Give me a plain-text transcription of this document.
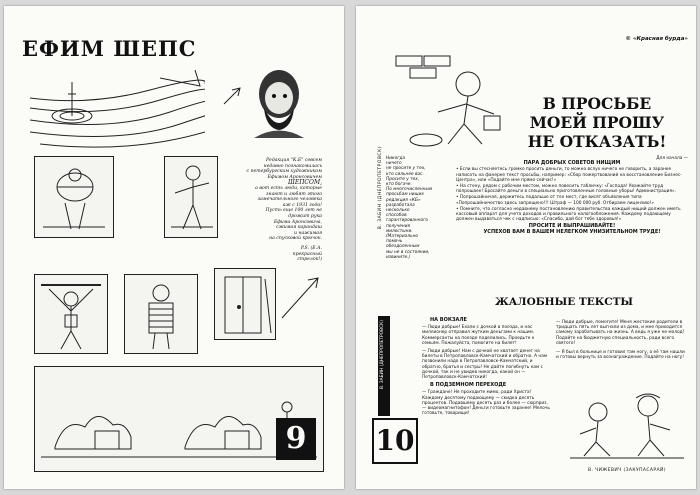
ЕФИМ ШЕПС
Редакция "К.Б" совсем
недавно познакомилась
с петербургским художником
Ефимом Аронсовичем
ШЕПСОМ,
а вот есть люди, которые
знают и любят этого
замечательного человека
аж с 1931 года!
Пусть еще 100 лет не
дрожит рука
Ефима Аронсовича,
сжимая карандаш
и нажимая
на спусковой крючок.
P.S. (Е.А.
прекрасный
стрелок!)
9
© «Красная бурда»
В ПРОСЬБЕ
МОЕЙ ПРОШУ
НЕ ОТКАЗАТЬ!
В. ЗАБИН (ДНЕПРОПЕТРОВСК) Никогда
ничего
не просите у тех,
кто сильнее вас.
Просите у тех,
кто богаче.
По многочисленным
просьбам нищих
редакция «КБ»
разработала
несколько
способов
гарантированного
получения
милостыни.
(Материально
помочь
обездоленным
мы не в состоянии,
извините.)
Для начала —
ПАРА ДОБРЫХ СОВЕТОВ НИЩИМ
• Если вы стесняетесь громко просить деньги, то можно вслух ничего не говорить, а заранее написать на фанерке текст просьбы, например: «Сбор пожертвований на восстановление Бизнес-Центра», или «Подайте мне прямо сейчас!»
• На стену, рядом с рабочим местом, можно повесить табличку: «Господа! Уважайте труд попрошаек! Бросайте деньги в специально приготовленные головные уборы! Администрация».
• Попрошайничая, держитесь подальше от тех мест, где висят объявления типа «Попрошайничество здесь запрещено!!! Штраф — 100 000 руб. Отбираем лицензию!»
• Помните, что согласно недавнему постановлению правительства каждый нищий должен иметь кассовый аппарат для учета доходов и правильного налогообложения. Каждому подающему должен выдаваться чек с надписью: «Спасибо, дай бог тебе здоровья!»
ПРОСИТЕ И ВЫПРАШИВАЙТЕ!
УСПЕХОВ ВАМ В ВАШЕМ НЕЛЕГКОМ УНИЗИТЕЛЬНОМ ТРУДЕ!
В. ЗАБИН (ДНЕПРОПЕТРОВСК)
10
ЖАЛОБНЫЕ ТЕКСТЫ
НА ВОКЗАЛЕ
— Люди добрые! Ехали с дочкой в поезда, и нас миллионер отправил жутким деньгами к нашим. Коммерсанты на поезде поделились. Проедьте к семьям. Пожалуйста, помогите на билет!
— Люди добрые! Нам с дочкой не хватает денег на билеты в Петропавловск-Камчатский и обратно. А нам позвонили надо в Петропавловск-Камчатский, и обратно, братья и сестры! Не дайте погибнуть нам с дочкой, так и не увидев никогда, какой он — Петропавловск-Камчатский!
В ПОДЗЕМНОМ ПЕРЕХОДЕ
— Граждане! Не проходите мимо, ради Христа! Каждому десятому подающему — скидка десять процентов. Подавшему десять раз и более — сюрприз, — видеомагнитофон! Деньги готовьте заранее! Мелочь готовьте, товарищи!
— Люди добрые, помогите! Меня жестокие родители в тридцать пять лет выгнали из дома, и мне приходится самому зарабатывать на жизнь. А ведь я уже не молод! Подайте на бюджетную специальность, ради всего святого!
— Я был в больнице и готовил там ногу, а её там нашли и готовы вернуть за вознаграждение. Подайте на ногу!
В. ЧИЖЕВИЧ (ЗАКУПАСАРАЙ)
